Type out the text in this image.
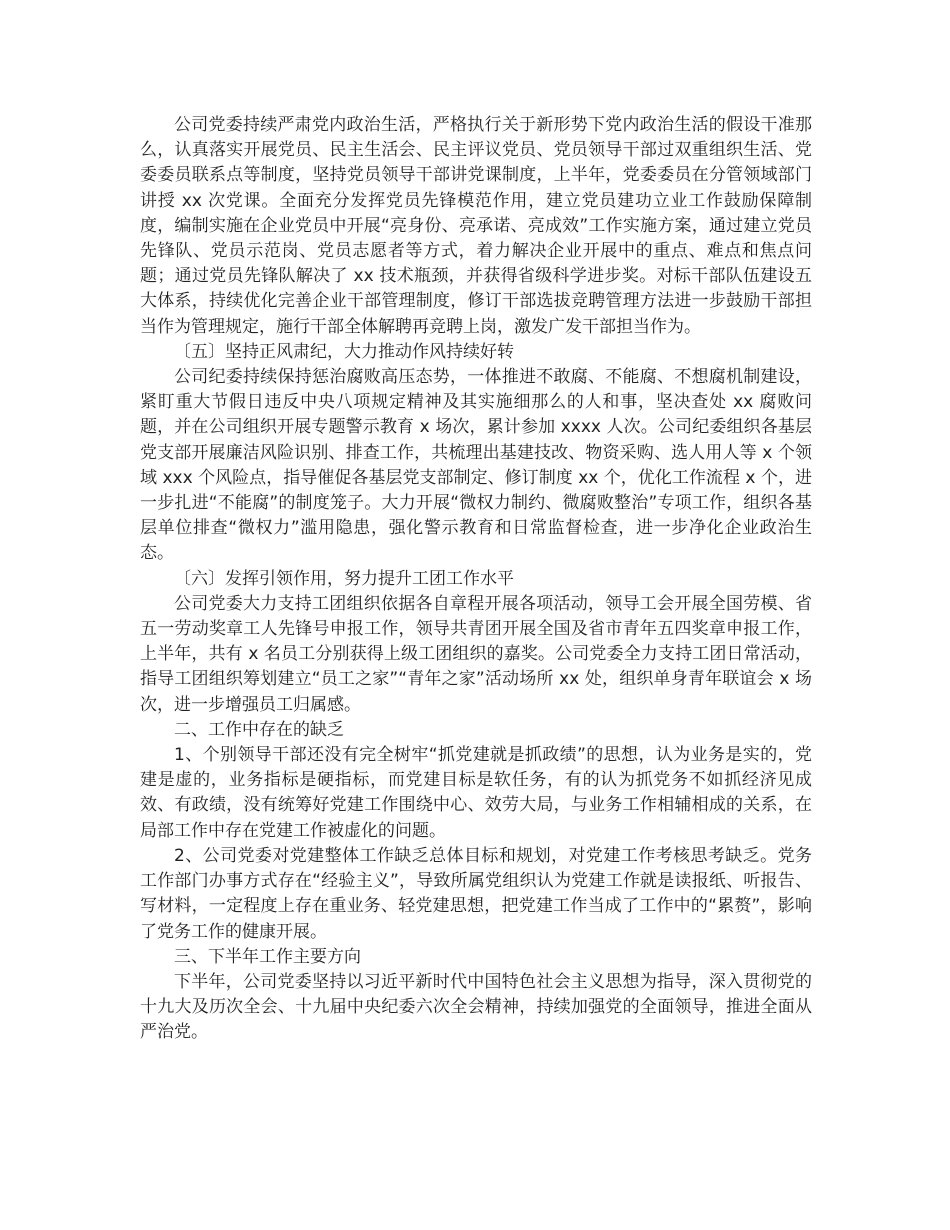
公司党委持续严肃党内政治生活，严格执行关于新形势下党内政治生活的假设干准那么，认真落实开展党员、民主生活会、民主评议党员、党员领导干部过双重组织生活、党委委员联系点等制度，坚持党员领导干部讲党课制度，上半年，党委委员在分管领域部门讲授 xx 次党课。全面充分发挥党员先锋模范作用，建立党员建功立业工作鼓励保障制度，编制实施在企业党员中开展“亮身份、亮承诺、亮成效”工作实施方案，通过建立党员先锋队、党员示范岗、党员志愿者等方式，着力解决企业开展中的重点、难点和焦点问题；通过党员先锋队解决了 xx 技术瓶颈，并获得省级科学进步奖。对标干部队伍建设五大体系，持续优化完善企业干部管理制度，修订干部选拔竞聘管理方法进一步鼓励干部担当作为管理规定，施行干部全体解聘再竞聘上岗，激发广发干部担当作为。

〔五〕坚持正风肃纪，大力推动作风持续好转

公司纪委持续保持惩治腐败高压态势，一体推进不敢腐、不能腐、不想腐机制建设，紧盯重大节假日违反中央八项规定精神及其实施细那么的人和事，坚决查处 xx 腐败问题，并在公司组织开展专题警示教育 x 场次，累计参加 xxxx 人次。公司纪委组织各基层党支部开展廉洁风险识别、排查工作，共梳理出基建技改、物资采购、选人用人等 x 个领域 xxx 个风险点，指导催促各基层党支部制定、修订制度 xx 个，优化工作流程 x 个，进一步扎进“不能腐”的制度笼子。大力开展“微权力制约、微腐败整治”专项工作，组织各基层单位排查“微权力”滥用隐患，强化警示教育和日常监督检查，进一步净化企业政治生态。

〔六〕发挥引领作用，努力提升工团工作水平

公司党委大力支持工团组织依据各自章程开展各项活动，领导工会开展全国劳模、省五一劳动奖章工人先锋号申报工作，领导共青团开展全国及省市青年五四奖章申报工作，上半年，共有 x 名员工分别获得上级工团组织的嘉奖。公司党委全力支持工团日常活动，指导工团组织筹划建立“员工之家”“青年之家”活动场所 xx 处，组织单身青年联谊会 x 场次，进一步增强员工归属感。

二、工作中存在的缺乏

1、个别领导干部还没有完全树牢“抓党建就是抓政绩”的思想，认为业务是实的，党建是虚的，业务指标是硬指标，而党建目标是软任务，有的认为抓党务不如抓经济见成效、有政绩，没有统筹好党建工作围绕中心、效劳大局，与业务工作相辅相成的关系，在局部工作中存在党建工作被虚化的问题。

2、公司党委对党建整体工作缺乏总体目标和规划，对党建工作考核思考缺乏。党务工作部门办事方式存在“经验主义”，导致所属党组织认为党建工作就是读报纸、听报告、写材料，一定程度上存在重业务、轻党建思想，把党建工作当成了工作中的“累赘”，影响了党务工作的健康开展。

三、下半年工作主要方向

下半年，公司党委坚持以习近平新时代中国特色社会主义思想为指导，深入贯彻党的十九大及历次全会、十九届中央纪委六次全会精神，持续加强党的全面领导，推进全面从严治党。
